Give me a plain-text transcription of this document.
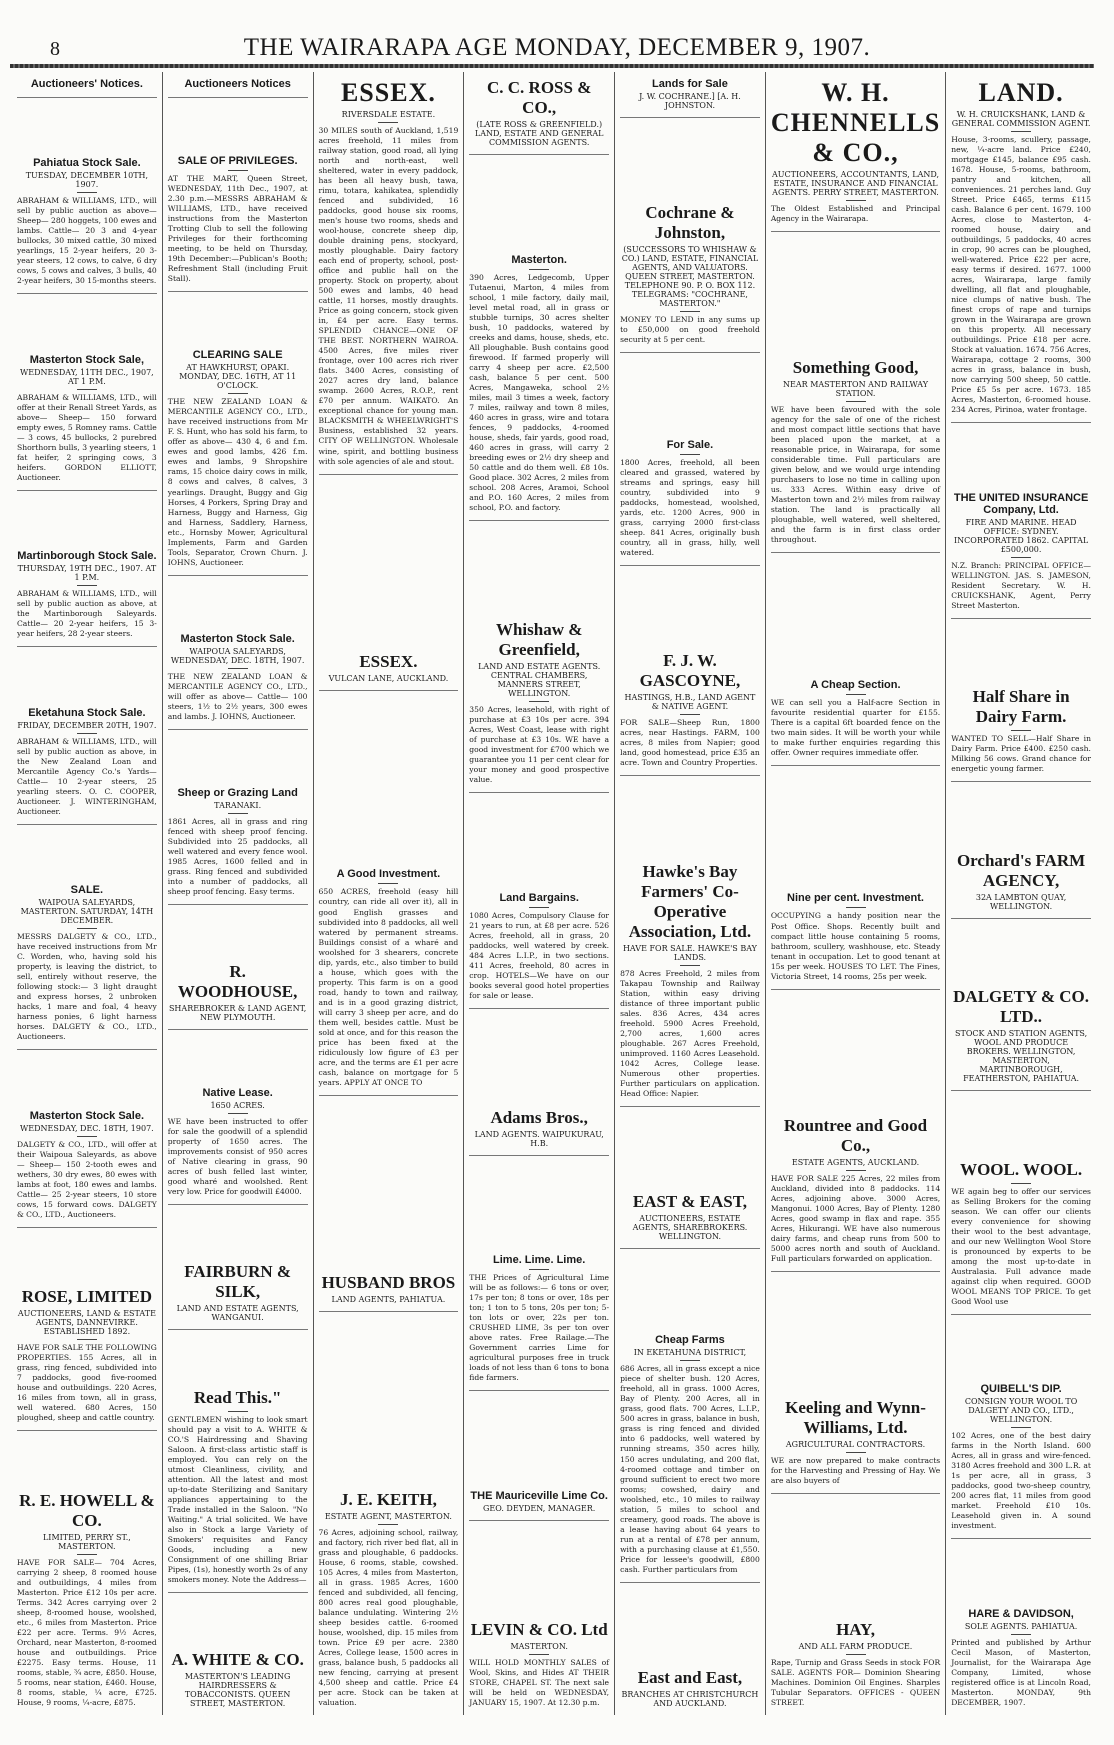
8	THE WAIRARAPA AGE MONDAY, DECEMBER 9, 1907.
Auctioneers' Notices.
Pahiatua Stock Sale.
TUESDAY, DECEMBER 10TH, 1907.
ABRAHAM & WILLIAMS, LTD., will sell by public auction as above— Sheep— 280 hoggets, 100 ewes and lambs. Cattle— 20 3 and 4-year bullocks, 30 mixed cattle, 30 mixed yearlings, 15 2-year heifers, 20 3-year steers, 12 cows, to calve, 6 dry cows, 5 cows and calves, 3 bulls, 40 2-year heifers, 30 15-months steers.
Masterton Stock Sale,
WEDNESDAY, 11TH DEC., 1907, AT 1 P.M.
ABRAHAM & WILLIAMS, LTD., will offer at their Renall Street Yards, as above— Sheep— 150 forward empty ewes, 5 Romney rams. Cattle— 3 cows, 45 bullocks, 2 purebred Shorthorn bulls, 3 yearling steers, 1 fat heifer, 2 springing cows, 3 heifers. GORDON ELLIOTT, Auctioneer.
Martinborough Stock Sale.
THURSDAY, 19TH DEC., 1907. AT 1 P.M.
ABRAHAM & WILLIAMS, LTD., will sell by public auction as above, at the Martinborough Saleyards. Cattle— 20 2-year heifers, 15 3-year heifers, 28 2-year steers.
Eketahuna Stock Sale.
FRIDAY, DECEMBER 20TH, 1907.
ABRAHAM & WILLIAMS, LTD., will sell by public auction as above, in the New Zealand Loan and Mercantile Agency Co.'s Yards— Cattle— 10 2-year steers, 25 yearling steers. O. C. COOPER, Auctioneer. J. WINTERINGHAM, Auctioneer.
SALE.
WAIPOUA SALEYARDS, MASTERTON. SATURDAY, 14TH DECEMBER.
MESSRS DALGETY & CO., LTD., have received instructions from Mr C. Worden, who, having sold his property, is leaving the district, to sell, entirely without reserve, the following stock:— 3 light draught and express horses, 2 unbroken hacks, 1 mare and foal, 4 heavy harness ponies, 6 light harness horses. DALGETY & CO., LTD., Auctioneers.
Masterton Stock Sale.
WEDNESDAY, DEC. 18TH, 1907.
DALGETY & CO., LTD., will offer at their Waipoua Saleyards, as above— Sheep— 150 2-tooth ewes and wethers, 30 dry ewes, 80 ewes with lambs at foot, 180 ewes and lambs. Cattle— 25 2-year steers, 10 store cows, 15 forward cows. DALGETY & CO., LTD., Auctioneers.
ROSE, LIMITED
AUCTIONEERS, LAND & ESTATE AGENTS, DANNEVIRKE. ESTABLISHED 1892.
HAVE FOR SALE THE FOLLOWING PROPERTIES. 155 Acres, all in grass, ring fenced, subdivided into 7 paddocks, good five-roomed house and outbuildings. 220 Acres, 16 miles from town, all in grass, well watered. 680 Acres, 150 ploughed, sheep and cattle country.
R. E. HOWELL & CO.
LIMITED, PERRY ST., MASTERTON.
HAVE FOR SALE— 704 Acres, carrying 2 sheep, 8 roomed house and outbuildings, 4 miles from Masterton. Price £12 10s per acre. Terms. 342 Acres carrying over 2 sheep, 8-roomed house, woolshed, etc., 6 miles from Masterton. Price £22 per acre. Terms. 9½ Acres, Orchard, near Masterton, 8-roomed house and outbuildings. Price £2275. Easy terms. House, 11 rooms, stable, ¾ acre, £850. House, 5 rooms, near station, £460. House, 8 rooms, stable, ¼ acre, £725. House, 9 rooms, ¼-acre, £875.
Auctioneers Notices
SALE OF PRIVILEGES.
AT THE MART, Queen Street, WEDNESDAY, 11th Dec., 1907, at 2.30 p.m.—MESSRS ABRAHAM & WILLIAMS, LTD., have received instructions from the Masterton Trotting Club to sell the following Privileges for their forthcoming meeting, to be held on Thursday, 19th December:—Publican's Booth; Refreshment Stall (including Fruit Stall).
CLEARING SALE
AT HAWKHURST, OPAKI. MONDAY, DEC. 16TH, AT 11 O'CLOCK.
THE NEW ZEALAND LOAN & MERCANTILE AGENCY CO., LTD., have received instructions from Mr F. S. Hunt, who has sold his farm, to offer as above— 430 4, 6 and f.m. ewes and good lambs, 426 f.m. ewes and lambs, 9 Shropshire rams, 15 choice dairy cows in milk, 8 cows and calves, 8 calves, 3 yearlings. Draught, Buggy and Gig Horses, 4 Porkers, Spring Dray and Harness, Buggy and Harness, Gig and Harness, Saddlery, Harness, etc., Hornsby Mower, Agricultural Implements, Farm and Garden Tools, Separator, Crown Churn. J. IOHNS, Auctioneer.
Masterton Stock Sale.
WAIPOUA SALEYARDS, WEDNESDAY, DEC. 18TH, 1907.
THE NEW ZEALAND LOAN & MERCANTILE AGENCY CO., LTD., will offer as above— Cattle— 100 steers, 1½ to 2½ years, 300 ewes and lambs. J. IOHNS, Auctioneer.
Sheep or Grazing Land
TARANAKI.
1861 Acres, all in grass and ring fenced with sheep proof fencing. Subdivided into 25 paddocks, all well watered and every fence wool. 1985 Acres, 1600 felled and in grass. Ring fenced and subdivided into a number of paddocks, all sheep proof fencing. Easy terms.
R. WOODHOUSE,
SHAREBROKER & LAND AGENT, NEW PLYMOUTH.
Native Lease.
1650 ACRES.
WE have been instructed to offer for sale the goodwill of a splendid property of 1650 acres. The improvements consist of 950 acres of Native clearing in grass, 90 acres of bush felled last winter, good wharé and woolshed. Rent very low. Price for goodwill £4000.
FAIRBURN & SILK,
LAND AND ESTATE AGENTS, WANGANUI.
Read This."
GENTLEMEN wishing to look smart should pay a visit to A. WHITE & CO.'S Hairdressing and Shaving Saloon. A first-class artistic staff is employed. You can rely on the utmost Cleanliness, civility, and attention. All the latest and most up-to-date Sterilizing and Sanitary appliances appertaining to the Trade installed in the Saloon. "No Waiting." A trial solicited. We have also in Stock a large Variety of Smokers' requisites and Fancy Goods, including a new Consignment of one shilling Briar Pipes, (1s), honestly worth 2s of any smokers money. Note the Address—
A. WHITE & CO.
MASTERTON'S LEADING HAIRDRESSERS & TOBACCONISTS. QUEEN STREET, MASTERTON.
ESSEX.
RIVERSDALE ESTATE.
30 MILES south of Auckland, 1,519 acres freehold, 11 miles from railway station, good road, all lying north and north-east, well sheltered, water in every paddock, has been all heavy bush, tawa, rimu, totara, kahikatea, splendidly fenced and subdivided, 16 paddocks, good house six rooms, men's house two rooms, sheds and wool-house, concrete sheep dip, double draining pens, stockyard, mostly ploughable. Dairy factory each end of property, school, post-office and public hall on the property. Stock on property, about 500 ewes and lambs, 40 head cattle, 11 horses, mostly draughts. Price as going concern, stock given in, £4 per acre. Easy terms. SPLENDID CHANCE—ONE OF THE BEST. NORTHERN WAIROA. 4500 Acres, five miles river frontage, over 100 acres rich river flats. 3400 Acres, consisting of 2027 acres dry land, balance swamp. 2600 Acres, R.O.P., rent £70 per annum. WAIKATO. An exceptional chance for young man. BLACKSMITH & WHEELWRIGHT'S Business, established 32 years. CITY OF WELLINGTON. Wholesale wine, spirit, and bottling business with sole agencies of ale and stout.
ESSEX.
VULCAN LANE, AUCKLAND.
A Good Investment.
650 ACRES, freehold (easy hill country, can ride all over it), all in good English grasses and subdivided into 8 paddocks, all well watered by permanent streams. Buildings consist of a wharé and woolshed for 3 shearers, concrete dip, yards, etc., also timber to build a house, which goes with the property. This farm is on a good road, handy to town and railway, and is in a good grazing district, will carry 3 sheep per acre, and do them well, besides cattle. Must be sold at once, and for this reason the price has been fixed at the ridiculously low figure of £3 per acre, and the terms are £1 per acre cash, balance on mortgage for 5 years. APPLY AT ONCE TO
HUSBAND BROS
LAND AGENTS, PAHIATUA.
J. E. KEITH,
ESTATE AGENT, MASTERTON.
76 Acres, adjoining school, railway, and factory, rich river bed flat, all in grass and ploughable, 6 paddocks. House, 6 rooms, stable, cowshed. 105 Acres, 4 miles from Masterton, all in grass. 1985 Acres, 1600 fenced and subdivided, all fencing, 800 acres real good ploughable, balance undulating. Wintering 2½ sheep besides cattle. 6-roomed house, woolshed, dip. 15 miles from town. Price £9 per acre. 2380 Acres, College lease, 1500 acres in grass, balance bush, 5 paddocks all new fencing, carrying at present 4,500 sheep and cattle. Price £4 per acre. Stock can be taken at valuation.
C. C. ROSS & CO.,
(LATE ROSS & GREENFIELD.) LAND, ESTATE AND GENERAL COMMISSION AGENTS.
Masterton.
390 Acres, Ledgecomb, Upper Tutaenui, Marton, 4 miles from school, 1 mile factory, daily mail, level metal road, all in grass or stubble turnips, 30 acres shelter bush, 10 paddocks, watered by creeks and dams, house, sheds, etc. All ploughable. Bush contains good firewood. If farmed properly will carry 4 sheep per acre. £2,500 cash, balance 5 per cent. 500 Acres, Mangaweka, school 2½ miles, mail 3 times a week, factory 7 miles, railway and town 8 miles, 460 acres in grass, wire and totara fences, 9 paddocks, 4-roomed house, sheds, fair yards, good road, 460 acres in grass, will carry 2 breeding ewes or 2½ dry sheep and 50 cattle and do them well. £8 10s. Good place. 302 Acres, 2 miles from school. 208 Acres, Aramoi, School and P.O. 160 Acres, 2 miles from school, P.O. and factory.
Whishaw & Greenfield,
LAND AND ESTATE AGENTS. CENTRAL CHAMBERS, MANNERS STREET, WELLINGTON.
350 Acres, leasehold, with right of purchase at £3 10s per acre. 394 Acres, West Coast, lease with right of purchase at £3 10s. WE have a good investment for £700 which we guarantee you 11 per cent clear for your money and good prospective value.
Land Bargains.
1080 Acres, Compulsory Clause for 21 years to run, at £8 per acre. 526 Acres, freehold, all in grass, 20 paddocks, well watered by creek. 484 Acres L.I.P., in two sections. 411 Acres, freehold, 80 acres in crop. HOTELS—We have on our books several good hotel properties for sale or lease.
Adams Bros.,
LAND AGENTS. WAIPUKURAU, H.B.
Lime. Lime. Lime.
THE Prices of Agricultural Lime will be as follows:— 6 tons or over, 17s per ton; 8 tons or over, 18s per ton; 1 ton to 5 tons, 20s per ton; 5-ton lots or over, 22s per ton. CRUSHED LIME, 3s per ton over above rates. Free Railage.—The Government carries Lime for agricultural purposes free in truck loads of not less than 6 tons to bona fide farmers.
THE Mauriceville Lime Co.
GEO. DEYDEN, MANAGER.
LEVIN & CO. Ltd
MASTERTON.
WILL HOLD MONTHLY SALES of Wool, Skins, and Hides AT THEIR STORE, CHAPEL ST. The next sale will be held on WEDNESDAY, JANUARY 15, 1907. At 12.30 p.m.
Lands for Sale
J. W. COCHRANE.] [A. H. JOHNSTON.
Cochrane & Johnston,
(SUCCESSORS TO WHISHAW & CO.) LAND, ESTATE, FINANCIAL AGENTS, AND VALUATORS. QUEEN STREET, MASTERTON. TELEPHONE 90. P. O. BOX 112. TELEGRAMS: "COCHRANE, MASTERTON."
MONEY TO LEND in any sums up to £50,000 on good freehold security at 5 per cent.
For Sale.
1800 Acres, freehold, all been cleared and grassed, watered by streams and springs, easy hill country, subdivided into 9 paddocks, homestead, woolshed, yards, etc. 1200 Acres, 900 in grass, carrying 2000 first-class sheep. 841 Acres, originally bush country, all in grass, hilly, well watered.
F. J. W. GASCOYNE,
HASTINGS, H.B., LAND AGENT & NATIVE AGENT.
FOR SALE—Sheep Run, 1800 acres, near Hastings. FARM, 100 acres, 8 miles from Napier; good land, good homestead, price £35 an acre. Town and Country Properties.
Hawke's Bay Farmers' Co-Operative Association, Ltd.
HAVE FOR SALE. HAWKE'S BAY LANDS.
878 Acres Freehold, 2 miles from Takapau Township and Railway Station, within easy driving distance of three important public sales. 836 Acres, 434 acres freehold. 5900 Acres Freehold, 2,700 acres, 1,600 acres ploughable. 267 Acres Freehold, unimproved. 1160 Acres Leasehold. 1042 Acres, College lease. Numerous other properties. Further particulars on application. Head Office: Napier.
EAST & EAST,
AUCTIONEERS, ESTATE AGENTS, SHAREBROKERS. WELLINGTON.
Cheap Farms
IN EKETAHUNA DISTRICT,
686 Acres, all in grass except a nice piece of shelter bush. 120 Acres, freehold, all in grass. 1000 Acres, Bay of Plenty. 200 Acres, all in grass, good flats. 700 Acres, L.I.P., 500 acres in grass, balance in bush, grass is ring fenced and divided into 6 paddocks, well watered by running streams, 350 acres hilly, 150 acres undulating, and 200 flat, 4-roomed cottage and timber on ground sufficient to erect two more rooms; cowshed, dairy and woolshed, etc., 10 miles to railway station, 5 miles to school and creamery, good roads. The above is a lease having about 64 years to run at a rental of £78 per annum, with a purchasing clause at £1,550. Price for lessee's goodwill, £800 cash. Further particulars from
East and East,
BRANCHES AT CHRISTCHURCH AND AUCKLAND.
W. H. CHENNELLS & CO.,
AUCTIONEERS, ACCOUNTANTS, LAND, ESTATE, INSURANCE AND FINANCIAL AGENTS. PERRY STREET, MASTERTON.
The Oldest Established and Principal Agency in the Wairarapa.
Something Good,
NEAR MASTERTON AND RAILWAY STATION.
WE have been favoured with the sole agency for the sale of one of the richest and most compact little sections that have been placed upon the market, at a reasonable price, in Wairarapa, for some considerable time. Full particulars are given below, and we would urge intending purchasers to lose no time in calling upon us. 333 Acres. Within easy drive of Masterton town and 2½ miles from railway station. The land is practically all ploughable, well watered, well sheltered, and the farm is in first class order throughout.
A Cheap Section.
WE can sell you a Half-acre Section in favourite residential quarter for £155. There is a capital 6ft boarded fence on the two main sides. It will be worth your while to make further enquiries regarding this offer. Owner requires immediate offer.
Nine per cent. Investment.
OCCUPYING a handy position near the Post Office. Shops. Recently built and compact little house containing 5 rooms, bathroom, scullery, washhouse, etc. Steady tenant in occupation. Let to good tenant at 15s per week. HOUSES TO LET. The Fines, Victoria Street, 14 rooms, 25s per week.
Rountree and Good Co.,
ESTATE AGENTS, AUCKLAND.
HAVE FOR SALE 225 Acres, 22 miles from Auckland, divided into 8 paddocks. 114 Acres, adjoining above. 3000 Acres, Mangonui. 1000 Acres, Bay of Plenty. 1280 Acres, good swamp in flax and rape. 355 Acres, Hikurangi. WE have also numerous dairy farms, and cheap runs from 500 to 5000 acres north and south of Auckland. Full particulars forwarded on application.
Keeling and Wynn-Williams, Ltd.
AGRICULTURAL CONTRACTORS.
WE are now prepared to make contracts for the Harvesting and Pressing of Hay. We are also buyers of
HAY,
AND ALL FARM PRODUCE.
Rape, Turnip and Grass Seeds in stock FOR SALE. AGENTS FOR— Dominion Shearing Machines. Dominion Oil Engines. Sharples Tubular Separators. OFFICES - QUEEN STREET.
LAND.
W. H. CRUICKSHANK, LAND & GENERAL COMMISSION AGENT.
House, 3-rooms, scullery, passage, new, ¼-acre land. Price £240, mortgage £145, balance £95 cash. 1678. House, 5-rooms, bathroom, pantry and kitchen, all conveniences. 21 perches land. Guy Street. Price £465, terms £115 cash. Balance 6 per cent. 1679. 100 Acres, close to Masterton, 4-roomed house, dairy and outbuildings, 5 paddocks, 40 acres in crop, 90 acres can be ploughed, well-watered. Price £22 per acre, easy terms if desired. 1677. 1000 acres, Wairarapa, large family dwelling, all flat and ploughable, nice clumps of native bush. The finest crops of rape and turnips grown in the Wairarapa are grown on this property. All necessary outbuildings. Price £18 per acre. Stock at valuation. 1674. 756 Acres, Wairarapa, cottage 2 rooms, 300 acres in grass, balance in bush, now carrying 500 sheep, 50 cattle. Price £5 5s per acre. 1673. 185 Acres, Masterton, 6-roomed house. 234 Acres, Pirinoa, water frontage.
THE UNITED INSURANCE Company, Ltd.
FIRE AND MARINE. HEAD OFFICE: SYDNEY. INCORPORATED 1862. CAPITAL £500,000.
N.Z. Branch: PRINCIPAL OFFICE—WELLINGTON. JAS. S. JAMESON, Resident Secretary. W. H. CRUICKSHANK, Agent, Perry Street Masterton.
Half Share in Dairy Farm.
WANTED TO SELL—Half Share in Dairy Farm. Price £400. £250 cash. Milking 56 cows. Grand chance for energetic young farmer.
Orchard's FARM AGENCY,
32A LAMBTON QUAY, WELLINGTON.
DALGETY & CO. LTD..
STOCK AND STATION AGENTS, WOOL AND PRODUCE BROKERS. WELLINGTON, MASTERTON, MARTINBOROUGH, FEATHERSTON, PAHIATUA.
WOOL. WOOL.
WE again beg to offer our services as Selling Brokers for the coming season. We can offer our clients every convenience for showing their wool to the best advantage, and our new Wellington Wool Store is pronounced by experts to be among the most up-to-date in Australasia. Full advance made against clip when required. GOOD WOOL MEANS TOP PRICE. To get Good Wool use
QUIBELL'S DIP.
CONSIGN YOUR WOOL TO DALGETY AND CO., LTD., WELLINGTON.
102 Acres, one of the best dairy farms in the North Island. 600 Acres, all in grass and wire-fenced. 3180 Acres freehold and 300 L.R. at 1s per acre, all in grass, 3 paddocks, good two-sheep country, 200 acres flat, 11 miles from good market. Freehold £10 10s. Leasehold given in. A sound investment.
HARE & DAVIDSON,
SOLE AGENTS. PAHIATUA.
Printed and published by Arthur Cecil Mason, of Masterton, Journalist, for the Wairarapa Age Company, Limited, whose registered office is at Lincoln Road, Masterton. MONDAY, 9th DECEMBER, 1907.
